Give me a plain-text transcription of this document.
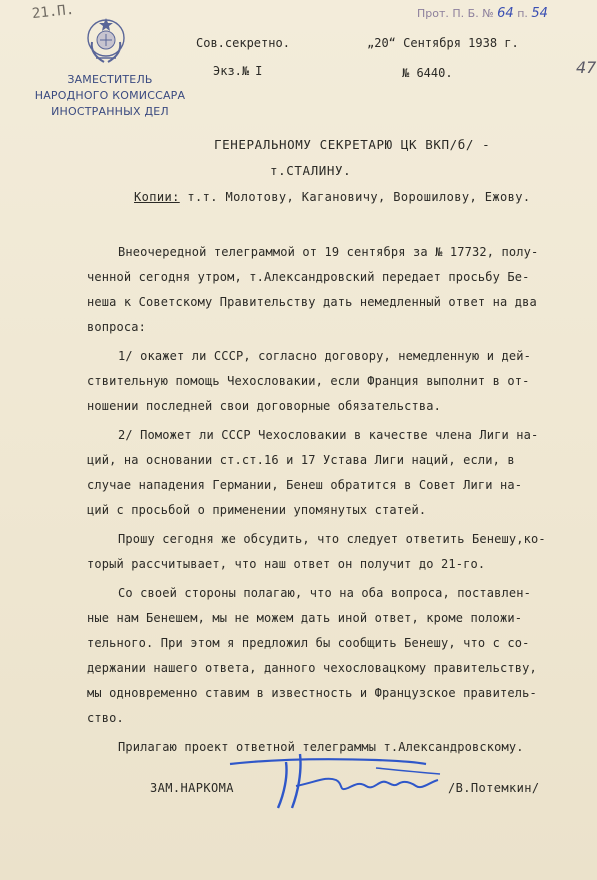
21.П.
ЗАМЕСТИТЕЛЬ
НАРОДНОГО КОМИССАРА
ИНОСТРАННЫХ ДЕЛ
Сов.секретно.
Экз.№ I
„20“ Сентября 1938 г.
№ 6440.
Прот. П. Б. № 64 п. 54
47
ГЕНЕРАЛЬНОМУ СЕКРЕТАРЮ ЦК ВКП/б/ -
т.СТАЛИНУ.
Копии: т.т. Молотову, Кагановичу, Ворошилову, Ежову.

Внеочередной телеграммой от 19 сентября за № 17732, полу-
ченной сегодня утром, т.Александровский передает просьбу Бе-
неша к Советскому Правительству дать немедленный ответ на два
вопроса:

1/ окажет ли СССР, согласно договору, немедленную и дей-
ствительную помощь Чехословакии, если Франция выполнит в от-
ношении последней свои договорные обязательства.

2/ Поможет ли СССР Чехословакии в качестве члена Лиги на-
ций, на основании ст.ст.16 и 17 Устава Лиги наций, если, в
случае нападения Германии, Бенеш обратится в Совет Лиги на-
ций с просьбой о применении упомянутых статей.

Прошу сегодня же обсудить, что следует ответить Бенешу,ко-
торый рассчитывает, что наш ответ он получит до 21-го.

Со своей стороны полагаю, что на оба вопроса, поставлен-
ные нам Бенешем, мы не можем дать иной ответ, кроме положи-
тельного. При этом я предложил бы сообщить Бенешу, что с со-
держании нашего ответа, данного чехословацкому правительству,
мы одновременно ставим в известность и Французское правитель-
ство.

Прилагаю проект ответной телеграммы т.Александровскому.

ЗАМ.НАРКОМА	/В.Потемкин/
